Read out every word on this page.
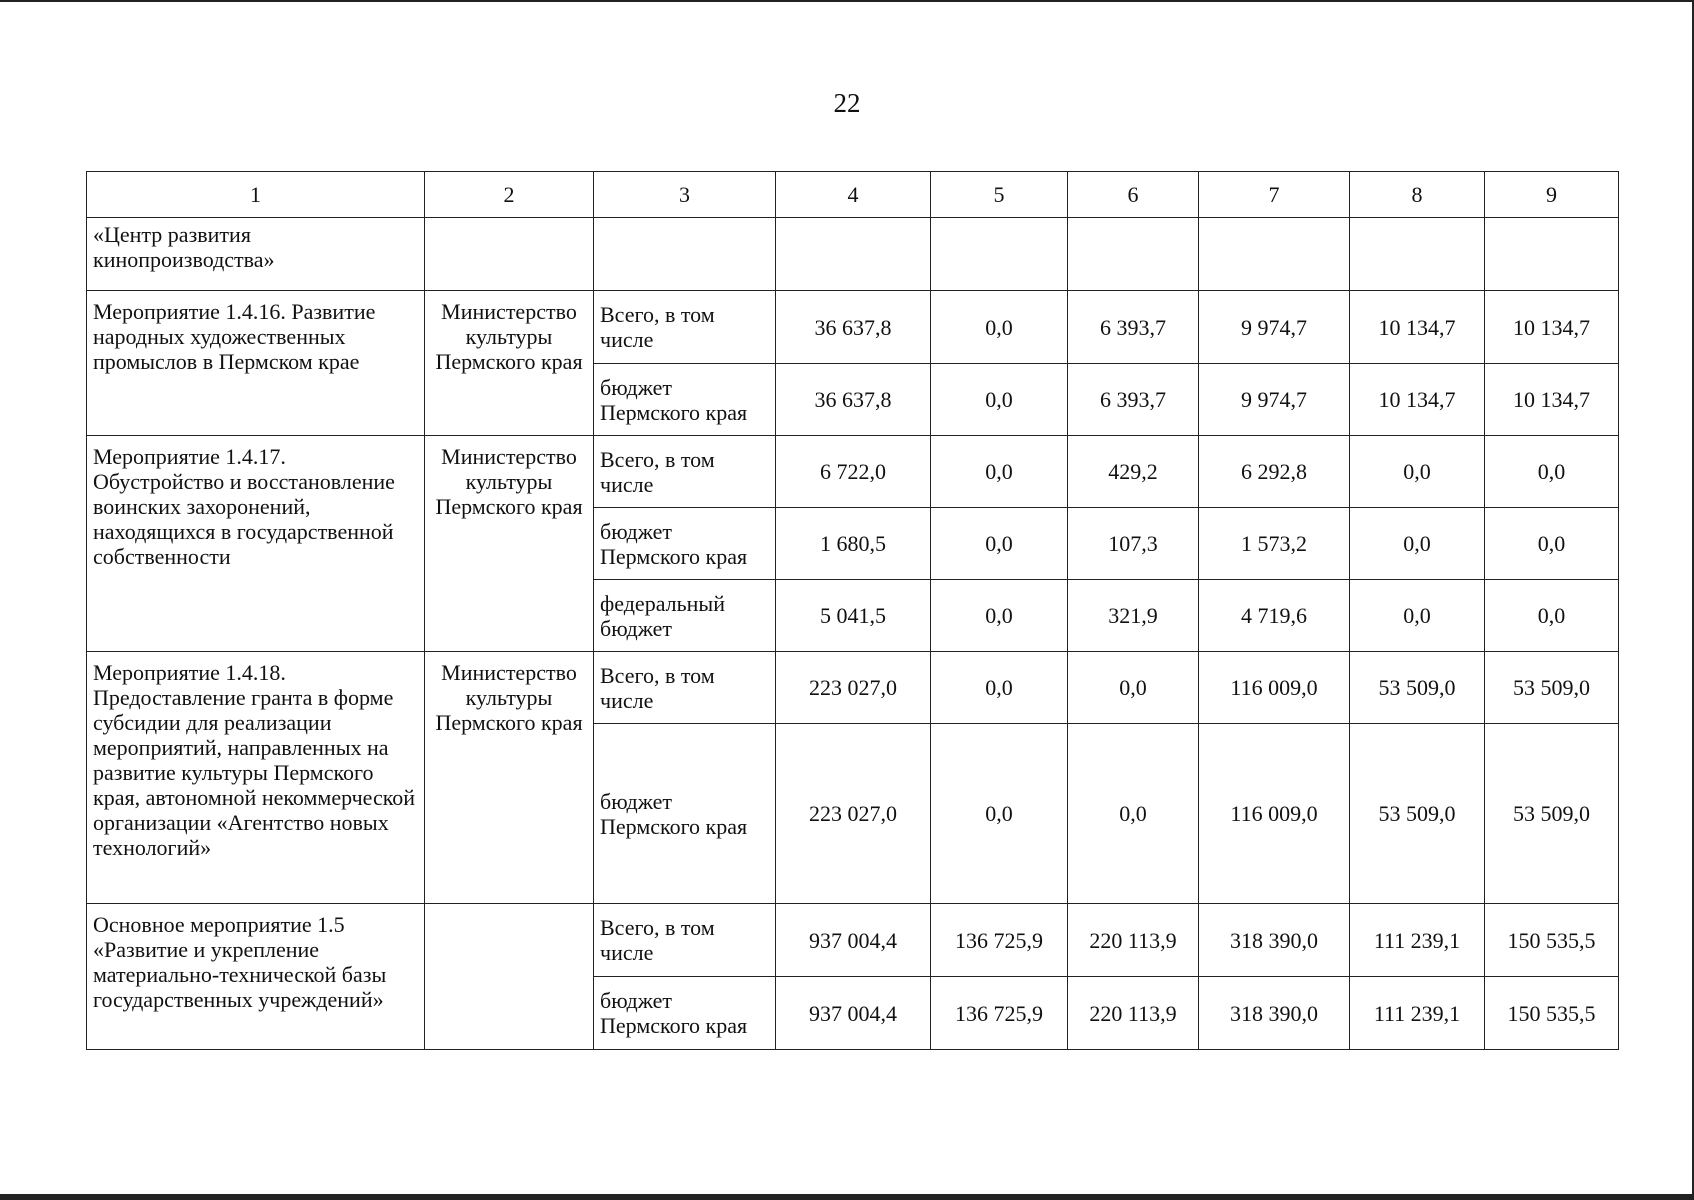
22
1	2	3	4	5	6	7	8	9
«Центр развития кинопроизводства»								
Мероприятие 1.4.16. Развитие народных художественных промыслов в Пермском крае	Министерство культуры Пермского края	Всего, в том числе	36 637,8	0,0	6 393,7	9 974,7	10 134,7	10 134,7
		бюджет Пермского края	36 637,8	0,0	6 393,7	9 974,7	10 134,7	10 134,7
Мероприятие 1.4.17. Обустройство и восстановление воинских захоронений, находящихся в государственной собственности	Министерство культуры Пермского края	Всего, в том числе	6 722,0	0,0	429,2	6 292,8	0,0	0,0
		бюджет Пермского края	1 680,5	0,0	107,3	1 573,2	0,0	0,0
		федеральный бюджет	5 041,5	0,0	321,9	4 719,6	0,0	0,0
Мероприятие 1.4.18. Предоставление гранта в форме субсидии для реализации мероприятий, направленных на развитие культуры Пермского края, автономной некоммерческой организации «Агентство новых технологий»	Министерство культуры Пермского края	Всего, в том числе	223 027,0	0,0	0,0	116 009,0	53 509,0	53 509,0
		бюджет Пермского края	223 027,0	0,0	0,0	116 009,0	53 509,0	53 509,0
Основное мероприятие 1.5 «Развитие и укрепление материально-технической базы государственных учреждений»		Всего, в том числе	937 004,4	136 725,9	220 113,9	318 390,0	111 239,1	150 535,5
		бюджет Пермского края	937 004,4	136 725,9	220 113,9	318 390,0	111 239,1	150 535,5
